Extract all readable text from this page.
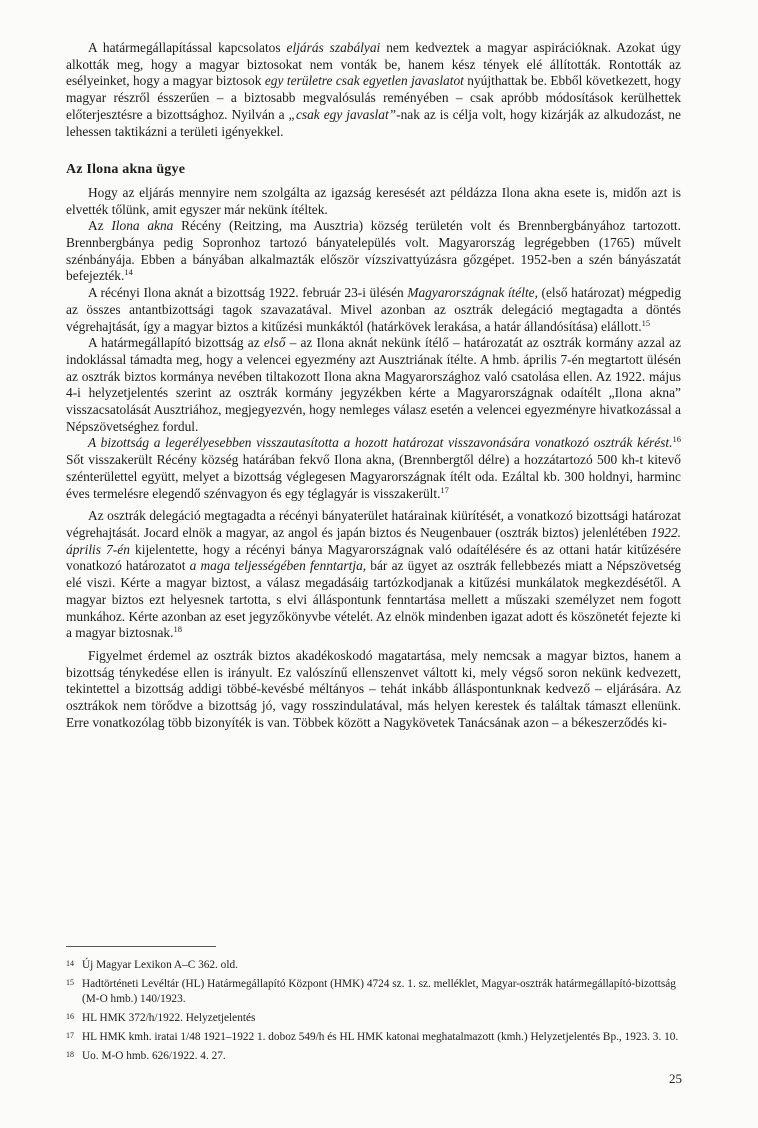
A határmegállapítással kapcsolatos eljárás szabályai nem kedveztek a magyar aspirációknak. Azokat úgy alkották meg, hogy a magyar biztosokat nem vonták be, hanem kész tények elé állították. Rontották az esélyeinket, hogy a magyar biztosok egy területre csak egyetlen javaslatot nyújthattak be. Ebből következett, hogy magyar részről ésszerűen – a biztosabb megvalósulás reményében – csak apróbb módosítások kerülhettek előterjesztésre a bizottsághoz. Nyilván a „csak egy javaslat”-nak az is célja volt, hogy kizárják az alkudozást, ne lehessen taktikázni a területi igényekkel.

Az Ilona akna ügye

Hogy az eljárás mennyire nem szolgálta az igazság keresését azt példázza Ilona akna esete is, midőn azt is elvették tőlünk, amit egyszer már nekünk ítéltek.

Az Ilona akna Récény (Reitzing, ma Ausztria) község területén volt és Brennbergbányához tartozott. Brennbergbánya pedig Sopronhoz tartozó bányatelepülés volt. Magyarország legrégebben (1765) művelt szénbányája. Ebben a bányában alkalmazták először vízszivattyúzásra gőzgépet. 1952-ben a szén bányászatát befejezték.$^{14}$

A récényi Ilona aknát a bizottság 1922. február 23-i ülésén Magyarországnak ítélte, (első határozat) mégpedig az összes antantbizottsági tagok szavazatával. Mivel azonban az osztrák delegáció megtagadta a döntés végrehajtását, így a magyar biztos a kitűzési munkáktól (határkövek lerakása, a határ állandósítása) elállott.$^{15}$

A határmegállapító bizottság az első – az Ilona aknát nekünk ítélő – határozatát az osztrák kormány azzal az indoklással támadta meg, hogy a velencei egyezmény azt Ausztriának ítélte. A hmb. április 7-én megtartott ülésén az osztrák biztos kormánya nevében tiltakozott Ilona akna Magyarországhoz való csatolása ellen. Az 1922. május 4-i helyzetjelentés szerint az osztrák kormány jegyzékben kérte a Magyarországnak odaítélt „Ilona akna” visszacsatolását Ausztriához, megjegyezvén, hogy nemleges válasz esetén a velencei egyezményre hivatkozással a Népszövetséghez fordul.

A bizottság a legerélyesebben visszautasította a hozott határozat visszavonására vonatkozó osztrák kérést.$^{16}$ Sőt visszakerült Récény község határában fekvő Ilona akna, (Brennbergtől délre) a hozzátartozó 500 kh-t kitevő szénterülettel együtt, melyet a bizottság véglegesen Magyarországnak ítélt oda. Ezáltal kb. 300 holdnyi, harminc éves termelésre elegendő szénvagyon és egy téglagyár is visszakerült.$^{17}$

Az osztrák delegáció megtagadta a récényi bányaterület határainak kiürítését, a vonatkozó bizottsági határozat végrehajtását. Jocard elnök a magyar, az angol és japán biztos és Neugenbauer (osztrák biztos) jelenlétében 1922. április 7-én kijelentette, hogy a récényi bánya Magyarországnak való odaítélésére és az ottani határ kitűzésére vonatkozó határozatot a maga teljességében fenntartja, bár az ügyet az osztrák fellebbezés miatt a Népszövetség elé viszi. Kérte a magyar biztost, a válasz megadásáig tartózkodjanak a kitűzési munkálatok megkezdésétől. A magyar biztos ezt helyesnek tartotta, s elvi álláspontunk fenntartása mellett a műszaki személyzet nem fogott munkához. Kérte azonban az eset jegyzőkönyvbe vételét. Az elnök mindenben igazat adott és köszönetét fejezte ki a magyar biztosnak.$^{18}$

Figyelmet érdemel az osztrák biztos akadékoskodó magatartása, mely nemcsak a magyar biztos, hanem a bizottság ténykedése ellen is irányult. Ez valószínű ellenszenvet váltott ki, mely végső soron nekünk kedvezett, tekintettel a bizottság addigi többé-kevésbé méltányos – tehát inkább álláspontunknak kedvező – eljárására. Az osztrákok nem törődve a bizottság jó, vagy rosszindulatával, más helyen kerestek és találtak támaszt ellenünk. Erre vonatkozólag több bizonyíték is van. Többek között a Nagykövetek Tanácsának azon – a békeszerződés ki-

14 Új Magyar Lexikon A–C 362. old.
15 Hadtörténeti Levéltár (HL) Határmegállapító Központ (HMK) 4724 sz. 1. sz. melléklet, Magyar-osztrák határmegállapító-bizottság (M-O hmb.) 140/1923.
16 HL HMK 372/h/1922. Helyzetjelentés
17 HL HMK kmh. iratai 1/48 1921–1922 1. doboz 549/h és HL HMK katonai meghatalmazott (kmh.) Helyzetjelentés Bp., 1923. 3. 10.
18 Uo. M-O hmb. 626/1922. 4. 27.
25
